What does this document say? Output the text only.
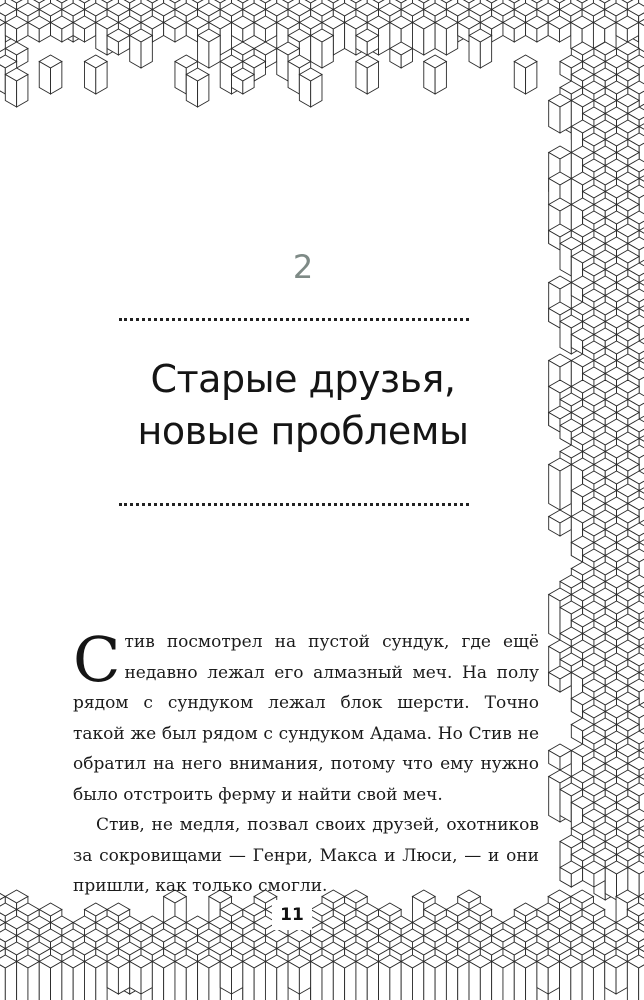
2
Старые друзья,
новые проблемы

Стив посмотрел на пустой сундук, где ещё недавно лежал его алмазный меч. На полу рядом с сундуком лежал блок шерсти. Точно такой же был рядом с сундуком Адама. Но Стив не обратил на него внимания, потому что ему нужно было отстроить ферму и найти свой меч.

Стив, не медля, позвал своих друзей, охотников за сокровищами — Генри, Макса и Люси, — и они пришли, как только смогли.

11
